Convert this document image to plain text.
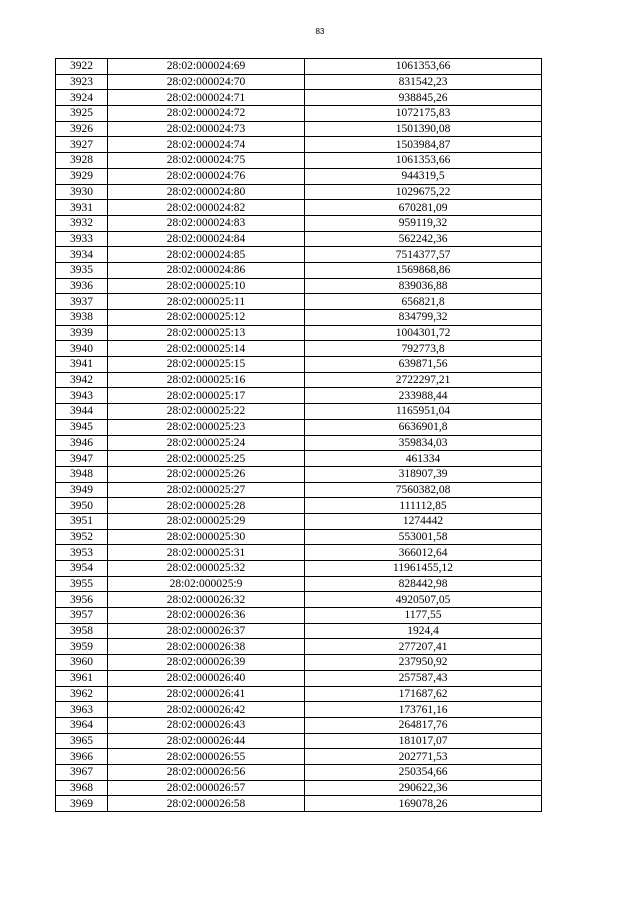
83
3922	28:02:000024:69	1061353,66
3923	28:02:000024:70	831542,23
3924	28:02:000024:71	938845,26
3925	28:02:000024:72	1072175,83
3926	28:02:000024:73	1501390,08
3927	28:02:000024:74	1503984,87
3928	28:02:000024:75	1061353,66
3929	28:02:000024:76	944319,5
3930	28:02:000024:80	1029675,22
3931	28:02:000024:82	670281,09
3932	28:02:000024:83	959119,32
3933	28:02:000024:84	562242,36
3934	28:02:000024:85	7514377,57
3935	28:02:000024:86	1569868,86
3936	28:02:000025:10	839036,88
3937	28:02:000025:11	656821,8
3938	28:02:000025:12	834799,32
3939	28:02:000025:13	1004301,72
3940	28:02:000025:14	792773,8
3941	28:02:000025:15	639871,56
3942	28:02:000025:16	2722297,21
3943	28:02:000025:17	233988,44
3944	28:02:000025:22	1165951,04
3945	28:02:000025:23	6636901,8
3946	28:02:000025:24	359834,03
3947	28:02:000025:25	461334
3948	28:02:000025:26	318907,39
3949	28:02:000025:27	7560382,08
3950	28:02:000025:28	111112,85
3951	28:02:000025:29	1274442
3952	28:02:000025:30	553001,58
3953	28:02:000025:31	366012,64
3954	28:02:000025:32	11961455,12
3955	28:02:000025:9	828442,98
3956	28:02:000026:32	4920507,05
3957	28:02:000026:36	1177,55
3958	28:02:000026:37	1924,4
3959	28:02:000026:38	277207,41
3960	28:02:000026:39	237950,92
3961	28:02:000026:40	257587,43
3962	28:02:000026:41	171687,62
3963	28:02:000026:42	173761,16
3964	28:02:000026:43	264817,76
3965	28:02:000026:44	181017,07
3966	28:02:000026:55	202771,53
3967	28:02:000026:56	250354,66
3968	28:02:000026:57	290622,36
3969	28:02:000026:58	169078,26
